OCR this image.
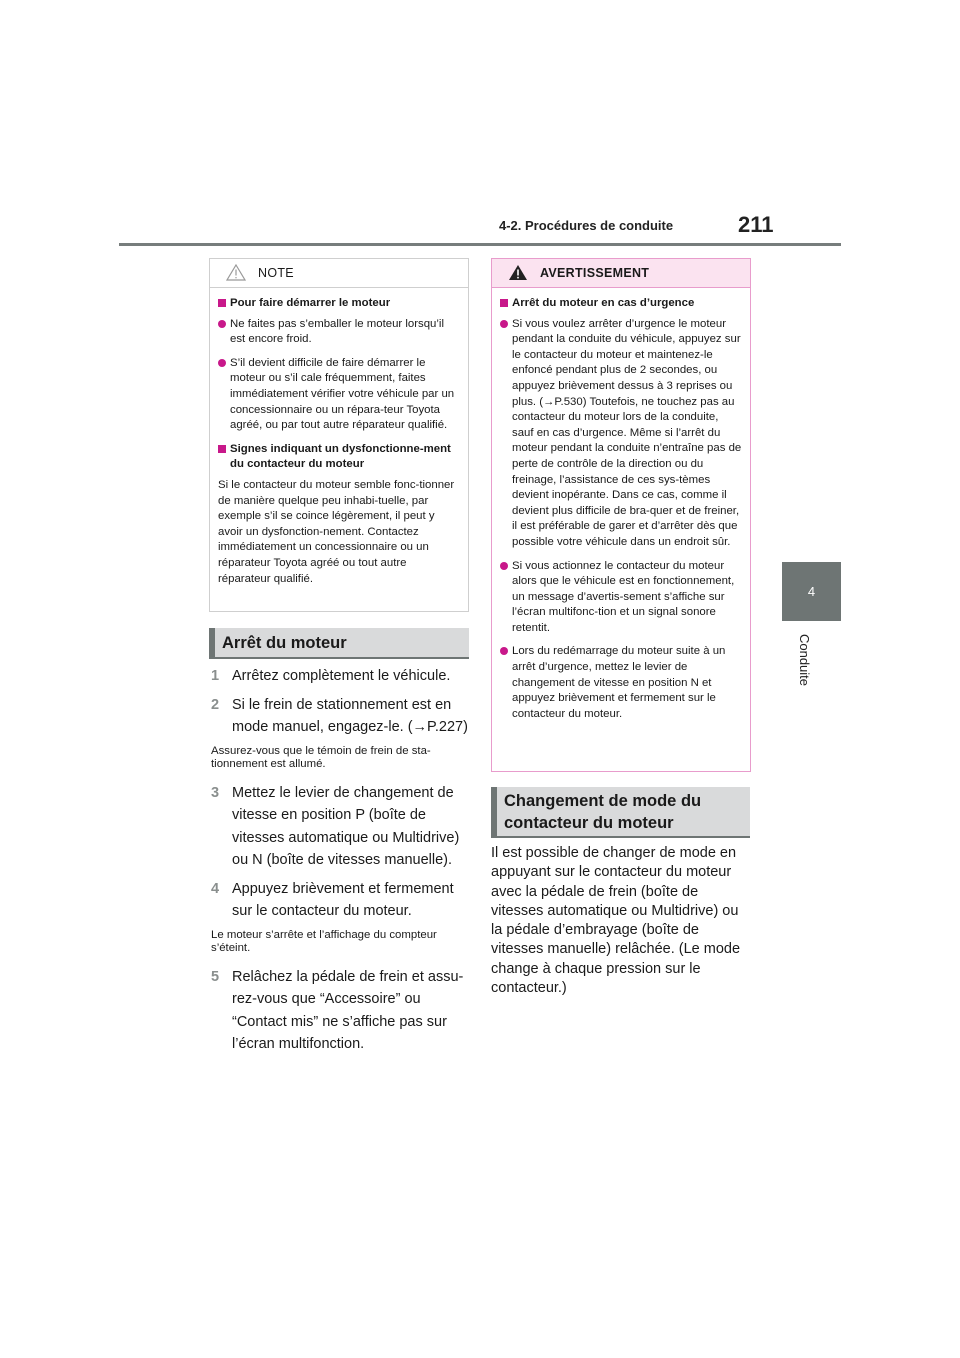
4-2. Procédures de conduite	211
4
Conduite
NOTE
Pour faire démarrer le moteur
Ne faites pas s’emballer le moteur lorsqu’il est encore froid.
S’il devient difficile de faire démarrer le moteur ou s’il cale fréquemment, faites immédiatement vérifier votre véhicule par un concessionnaire ou un répara-teur Toyota agréé, ou par tout autre réparateur qualifié.
Signes indiquant un dysfonctionne-ment du contacteur du moteur
Si le contacteur du moteur semble fonc-tionner de manière quelque peu inhabi-tuelle, par exemple s’il se coince légèrement, il peut y avoir un dysfonction-nement. Contactez immédiatement un concessionnaire ou un réparateur Toyota agréé ou tout autre réparateur qualifié.
Arrêt du moteur
1 Arrêtez complètement le véhicule.
2 Si le frein de stationnement est en mode manuel, engagez-le. (→P.227)
Assurez-vous que le témoin de frein de sta-tionnement est allumé.
3 Mettez le levier de changement de vitesse en position P (boîte de vitesses automatique ou Multidrive) ou N (boîte de vitesses manuelle).
4 Appuyez brièvement et fermement sur le contacteur du moteur.
Le moteur s’arrête et l’affichage du compteur s’éteint.
5 Relâchez la pédale de frein et assu-rez-vous que “Accessoire” ou “Contact mis” ne s’affiche pas sur l’écran multifonction.
AVERTISSEMENT
Arrêt du moteur en cas d’urgence
Si vous voulez arrêter d’urgence le moteur pendant la conduite du véhicule, appuyez sur le contacteur du moteur et maintenez-le enfoncé pendant plus de 2 secondes, ou appuyez brièvement dessus à 3 reprises ou plus. (→P.530) Toutefois, ne touchez pas au contacteur du moteur lors de la conduite, sauf en cas d’urgence. Même si l’arrêt du moteur pendant la conduite n’entraîne pas de perte de contrôle de la direction ou du freinage, l’assistance de ces sys-tèmes devient inopérante. Dans ce cas, comme il devient plus difficile de bra-quer et de freiner, il est préférable de garer et d’arrêter dès que possible votre véhicule dans un endroit sûr.
Si vous actionnez le contacteur du moteur alors que le véhicule est en fonctionnement, un message d’avertis-sement s’affiche sur l’écran multifonc-tion et un signal sonore retentit.
Lors du redémarrage du moteur suite à un arrêt d’urgence, mettez le levier de changement de vitesse en position N et appuyez brièvement et fermement sur le contacteur du moteur.
Changement de mode du contacteur du moteur
Il est possible de changer de mode en appuyant sur le contacteur du moteur avec la pédale de frein (boîte de vitesses automatique ou Multidrive) ou la pédale d’embrayage (boîte de vitesses manuelle) relâchée. (Le mode change à chaque pression sur le contacteur.)
